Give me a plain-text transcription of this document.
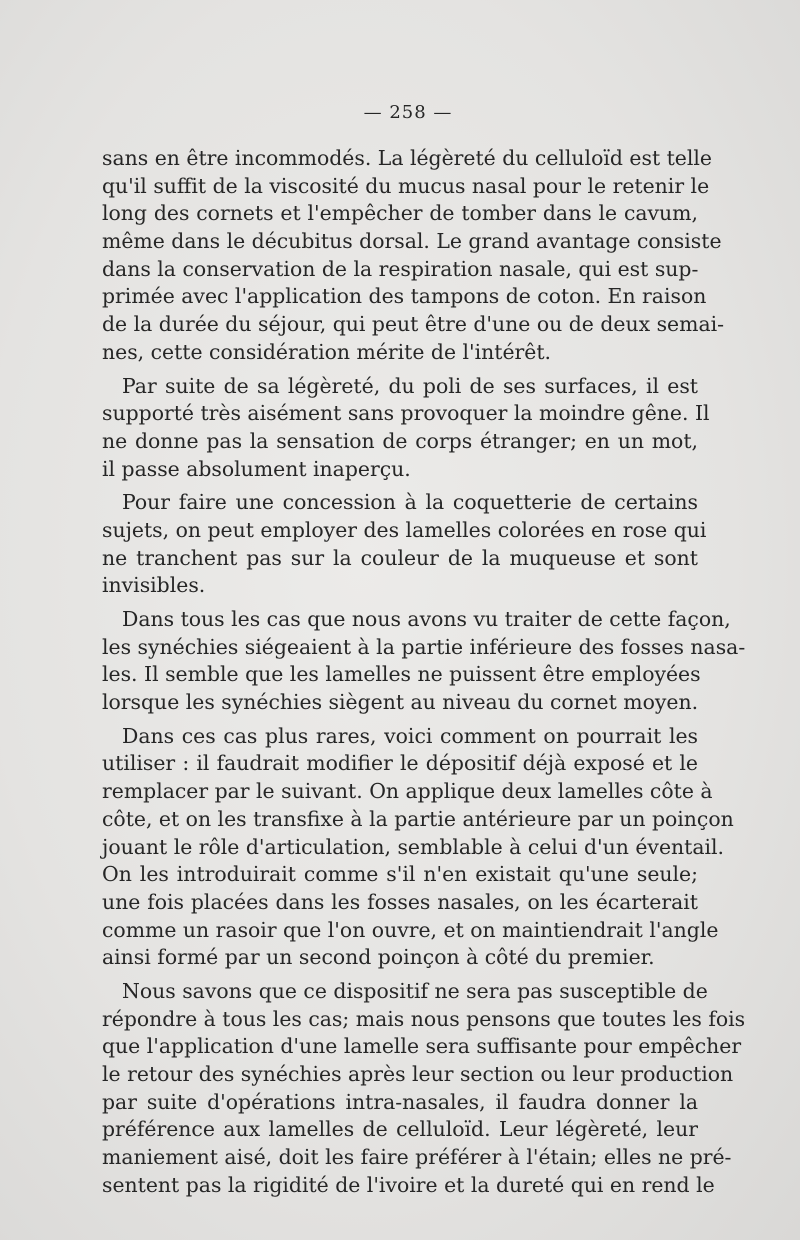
— 258 —
sans en être incommodés. La légèreté du celluloïd est telle
qu'il suffit de la viscosité du mucus nasal pour le retenir le
long des cornets et l'empêcher de tomber dans le cavum,
même dans le décubitus dorsal. Le grand avantage consiste
dans la conservation de la respiration nasale, qui est sup-
primée avec l'application des tampons de coton. En raison
de la durée du séjour, qui peut être d'une ou de deux semai-
nes, cette considération mérite de l'intérêt.
Par suite de sa légèreté, du poli de ses surfaces, il est
supporté très aisément sans provoquer la moindre gêne. Il
ne donne pas la sensation de corps étranger; en un mot,
il passe absolument inaperçu.
Pour faire une concession à la coquetterie de certains
sujets, on peut employer des lamelles colorées en rose qui
ne tranchent pas sur la couleur de la muqueuse et sont
invisibles.
Dans tous les cas que nous avons vu traiter de cette façon,
les synéchies siégeaient à la partie inférieure des fosses nasa-
les. Il semble que les lamelles ne puissent être employées
lorsque les synéchies siègent au niveau du cornet moyen.
Dans ces cas plus rares, voici comment on pourrait les
utiliser : il faudrait modifier le dépositif déjà exposé et le
remplacer par le suivant. On applique deux lamelles côte à
côte, et on les transfixe à la partie antérieure par un poinçon
jouant le rôle d'articulation, semblable à celui d'un éventail.
On les introduirait comme s'il n'en existait qu'une seule;
une fois placées dans les fosses nasales, on les écarterait
comme un rasoir que l'on ouvre, et on maintiendrait l'angle
ainsi formé par un second poinçon à côté du premier.
Nous savons que ce dispositif ne sera pas susceptible de
répondre à tous les cas; mais nous pensons que toutes les fois
que l'application d'une lamelle sera suffisante pour empêcher
le retour des synéchies après leur section ou leur production
par suite d'opérations intra-nasales, il faudra donner la
préférence aux lamelles de celluloïd. Leur légèreté, leur
maniement aisé, doit les faire préférer à l'étain; elles ne pré-
sentent pas la rigidité de l'ivoire et la dureté qui en rend le
